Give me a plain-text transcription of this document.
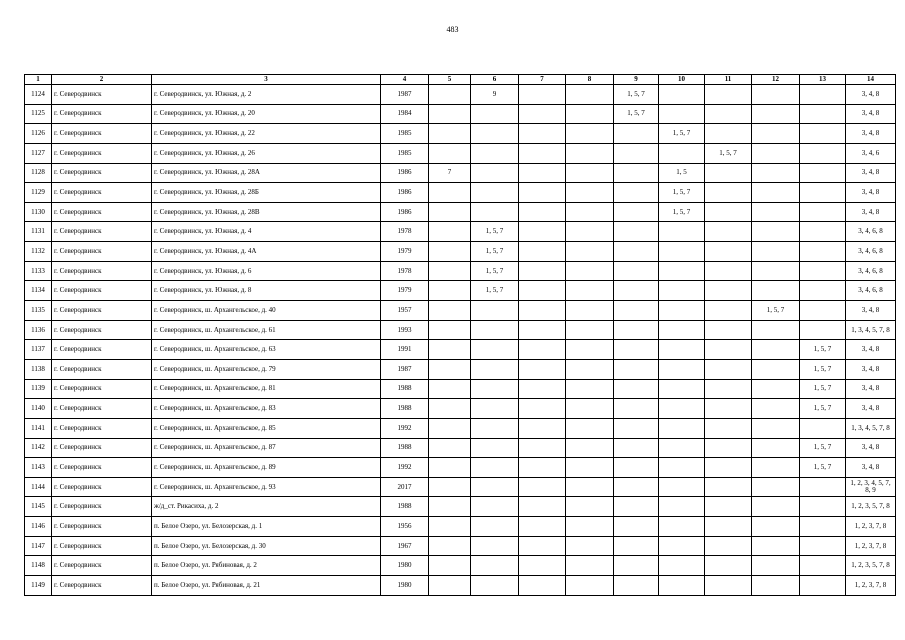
483
1	2	3	4	5	6	7	8	9	10	11	12	13	14
1124	г. Северодвинск	г. Северодвинск, ул. Южная, д. 2	1987		9			1, 5, 7					3, 4, 8
1125	г. Северодвинск	г. Северодвинск, ул. Южная, д. 20	1984					1, 5, 7					3, 4, 8
1126	г. Северодвинск	г. Северодвинск, ул. Южная, д. 22	1985						1, 5, 7				3, 4, 8
1127	г. Северодвинск	г. Северодвинск, ул. Южная, д. 26	1985							1, 5, 7			3, 4, 6
1128	г. Северодвинск	г. Северодвинск, ул. Южная, д. 28А	1986	7					1, 5				3, 4, 8
1129	г. Северодвинск	г. Северодвинск, ул. Южная, д. 28Б	1986						1, 5, 7				3, 4, 8
1130	г. Северодвинск	г. Северодвинск, ул. Южная, д. 28В	1986						1, 5, 7				3, 4, 8
1131	г. Северодвинск	г. Северодвинск, ул. Южная, д. 4	1978		1, 5, 7								3, 4, 6, 8
1132	г. Северодвинск	г. Северодвинск, ул. Южная, д. 4А	1979		1, 5, 7								3, 4, 6, 8
1133	г. Северодвинск	г. Северодвинск, ул. Южная, д. 6	1978		1, 5, 7								3, 4, 6, 8
1134	г. Северодвинск	г. Северодвинск, ул. Южная, д. 8	1979		1, 5, 7								3, 4, 6, 8
1135	г. Северодвинск	г. Северодвинск, ш. Архангельское, д. 40	1957								1, 5, 7		3, 4, 8
1136	г. Северодвинск	г. Северодвинск, ш. Архангельское, д. 61	1993										1, 3, 4, 5, 7, 8
1137	г. Северодвинск	г. Северодвинск, ш. Архангельское, д. 63	1991									1, 5, 7	3, 4, 8
1138	г. Северодвинск	г. Северодвинск, ш. Архангельское, д. 79	1987									1, 5, 7	3, 4, 8
1139	г. Северодвинск	г. Северодвинск, ш. Архангельское, д. 81	1988									1, 5, 7	3, 4, 8
1140	г. Северодвинск	г. Северодвинск, ш. Архангельское, д. 83	1988									1, 5, 7	3, 4, 8
1141	г. Северодвинск	г. Северодвинск, ш. Архангельское, д. 85	1992										1, 3, 4, 5, 7, 8
1142	г. Северодвинск	г. Северодвинск, ш. Архангельское, д. 87	1988									1, 5, 7	3, 4, 8
1143	г. Северодвинск	г. Северодвинск, ш. Архангельское, д. 89	1992									1, 5, 7	3, 4, 8
1144	г. Северодвинск	г. Северодвинск, ш. Архангельское, д. 93	2017										1, 2, 3, 4, 5, 7, 8, 9
1145	г. Северодвинск	ж/д_ст. Рикасиха, д. 2	1988										1, 2, 3, 5, 7, 8
1146	г. Северодвинск	п. Белое Озеро, ул. Белозерская, д. 1	1956										1, 2, 3, 7, 8
1147	г. Северодвинск	п. Белое Озеро, ул. Белозерская, д. 30	1967										1, 2, 3, 7, 8
1148	г. Северодвинск	п. Белое Озеро, ул. Рябиновая, д. 2	1980										1, 2, 3, 5, 7, 8
1149	г. Северодвинск	п. Белое Озеро, ул. Рябиновая, д. 21	1980										1, 2, 3, 7, 8
